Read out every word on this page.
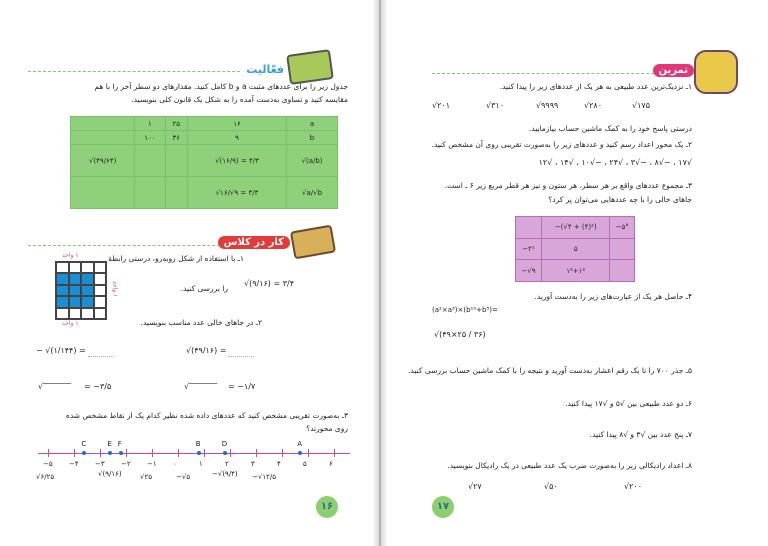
فعّالیت
جدول زیر را برای عددهای مثبت a و b کامل کنید. مقدارهای دو سطر آخر را با هم
مقایسه کنید و تساوی به‌دست آمده را به شکل یک قانون کلی بنویسید.
	۱	۲۵	۱۶	a
	۱۰۰	۳۶	۹	b
√(۴۹/۶۴)			√(۱۶/۹) = ۴/۳	√(a/b)
			√۱۶/√۹ = ۴/۳	√a/√b
کار در کلاس
۱ـ با استفاده از شکل روبه‌رو، درستی رابطهٔ
√(۹/۱۶) = ۳/۴
را بررسی کنید.
۱ واحد
۱ واحد
۱ واحد
۲ـ در جاهای خالی عدد مناسب بنویسید.
√(۴۹/۱۶) =
− √(۱/۱۴۴) =
√‾‾‾‾‾‾‾ = −۱/۷
√‾‾‾‾‾‾‾ = −۳/۵
۳ـ به‌صورت تقریبی مشخص کنید که عددهای داده شده نظیر کدام یک از نقاط مشخص شده
روی محورند؟
−۵ −۴ −۳ −۲ −۱ ۰	۱	۲	۳	۴	۵	۶
C	E F	B	D	A
√۶/۲۵	√(۹/۱۶)	√۲۵	−√۵	−√(۹/۴) −√۱۲/۵
۱۶
تمرین
۱ـ نزدیک‌ترین عدد طبیعی به هر یک از عددهای زیر را پیدا کنید.
√۱۷۵
√۲۸۰
√۹۹۹۹
√۳۱۰
√۲۰۱
درستی پاسخ خود را به کمک ماشین حساب بیازمایید.
۲ـ یک محور اعداد رسم کنید و عددهای زیر را به‌صورت تقریبی روی آن مشخص کنید.
√۱۷ ، −√۸ ، −√۳ ، √۲۴ ، −√۱۰ ، √۱۴ ، √۱۲
۳ـ مجموع عددهای واقع بر هر سطر، هر ستون و نیز هر قطر مربع زیر ۶ ـ است.
جاهای خالی را با چه عددهایی می‌توان پر کرد؟
	−(√۴ + (۴)²)	−۵°
−۲¹	۵	
−√۹	۱²+۱²	
۴ـ حاصل هر یک از عبارت‌های زیر را به‌دست آورید.
(a²×a³)×(b¹⁰+b⁵)=
√(۴۹×۲۵ / ۳۶)
۵ـ جذر ۷۰۰ را تا یک رقم اعشار به‌دست آورید و نتیجه را با کمک ماشین حساب بررسی کنید.
۶ـ دو عدد طبیعی بین √۵ و √۱۷ پیدا کنید.
۷ـ پنج عدد بین √۳ و √۸ پیدا کنید.
۸ـ اعداد رادیکالی زیر را به‌صورت ضرب یک عدد طبیعی در یک رادیکال بنویسید.
√۲۰۰
√۵۰
√۲۷
۱۷
